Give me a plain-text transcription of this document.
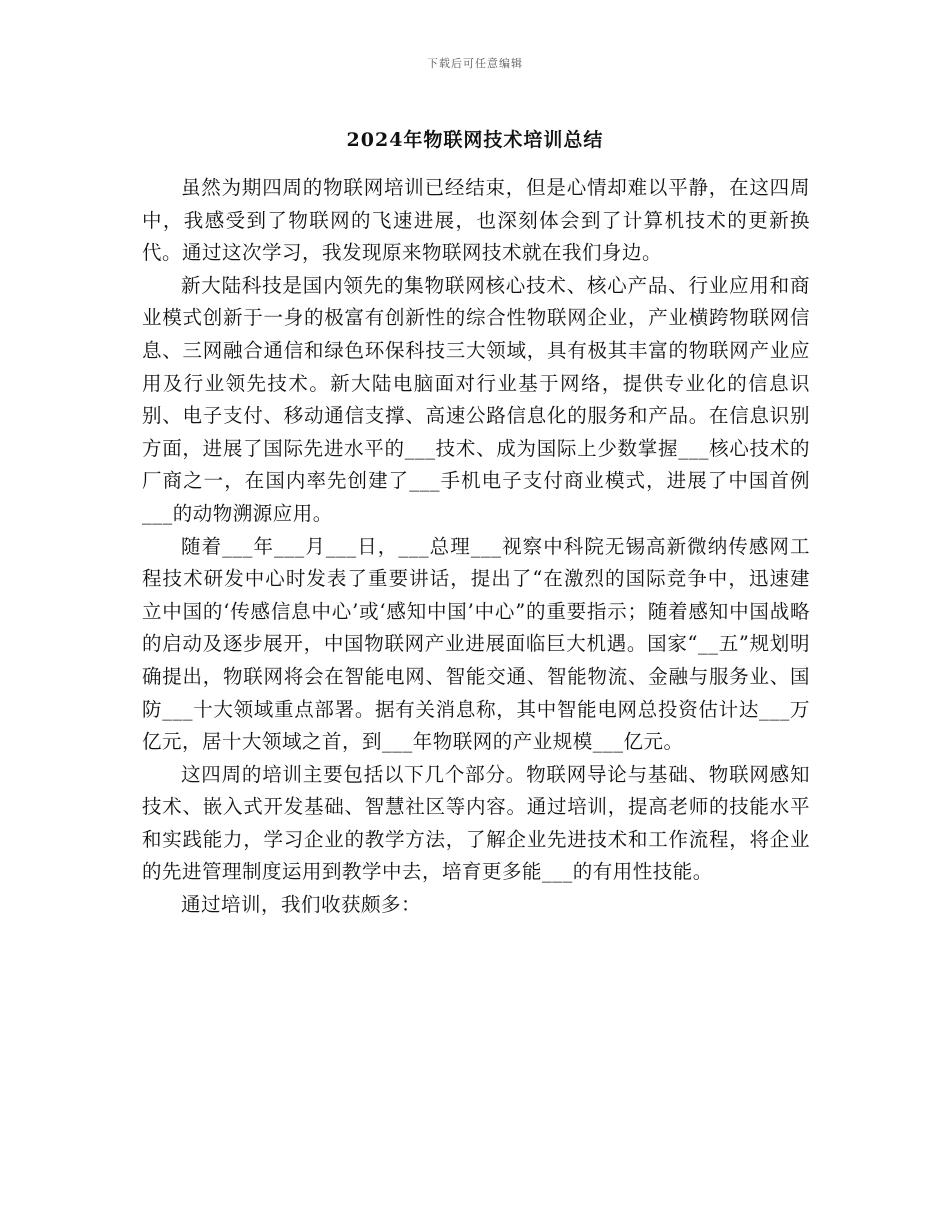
下载后可任意编辑
2024年物联网技术培训总结

虽然为期四周的物联网培训已经结束，但是心情却难以平静，在这四周中，我感受到了物联网的飞速进展，也深刻体会到了计算机技术的更新换代。通过这次学习，我发现原来物联网技术就在我们身边。

新大陆科技是国内领先的集物联网核心技术、核心产品、行业应用和商业模式创新于一身的极富有创新性的综合性物联网企业，产业横跨物联网信息、三网融合通信和绿色环保科技三大领域，具有极其丰富的物联网产业应用及行业领先技术。新大陆电脑面对行业基于网络，提供专业化的信息识别、电子支付、移动通信支撑、高速公路信息化的服务和产品。在信息识别方面，进展了国际先进水平的___技术、成为国际上少数掌握___核心技术的厂商之一，在国内率先创建了___手机电子支付商业模式，进展了中国首例___的动物溯源应用。

随着___年___月___日，___总理___视察中科院无锡高新微纳传感网工程技术研发中心时发表了重要讲话，提出了“在激烈的国际竞争中，迅速建立中国的‘传感信息中心’或‘感知中国’中心”的重要指示；随着感知中国战略的启动及逐步展开，中国物联网产业进展面临巨大机遇。国家“__五”规划明确提出，物联网将会在智能电网、智能交通、智能物流、金融与服务业、国防___十大领域重点部署。据有关消息称，其中智能电网总投资估计达___万亿元，居十大领域之首，到___年物联网的产业规模___亿元。

这四周的培训主要包括以下几个部分。物联网导论与基础、物联网感知技术、嵌入式开发基础、智慧社区等内容。通过培训，提高老师的技能水平和实践能力，学习企业的教学方法，了解企业先进技术和工作流程，将企业的先进管理制度运用到教学中去，培育更多能___的有用性技能。

通过培训，我们收获颇多：
